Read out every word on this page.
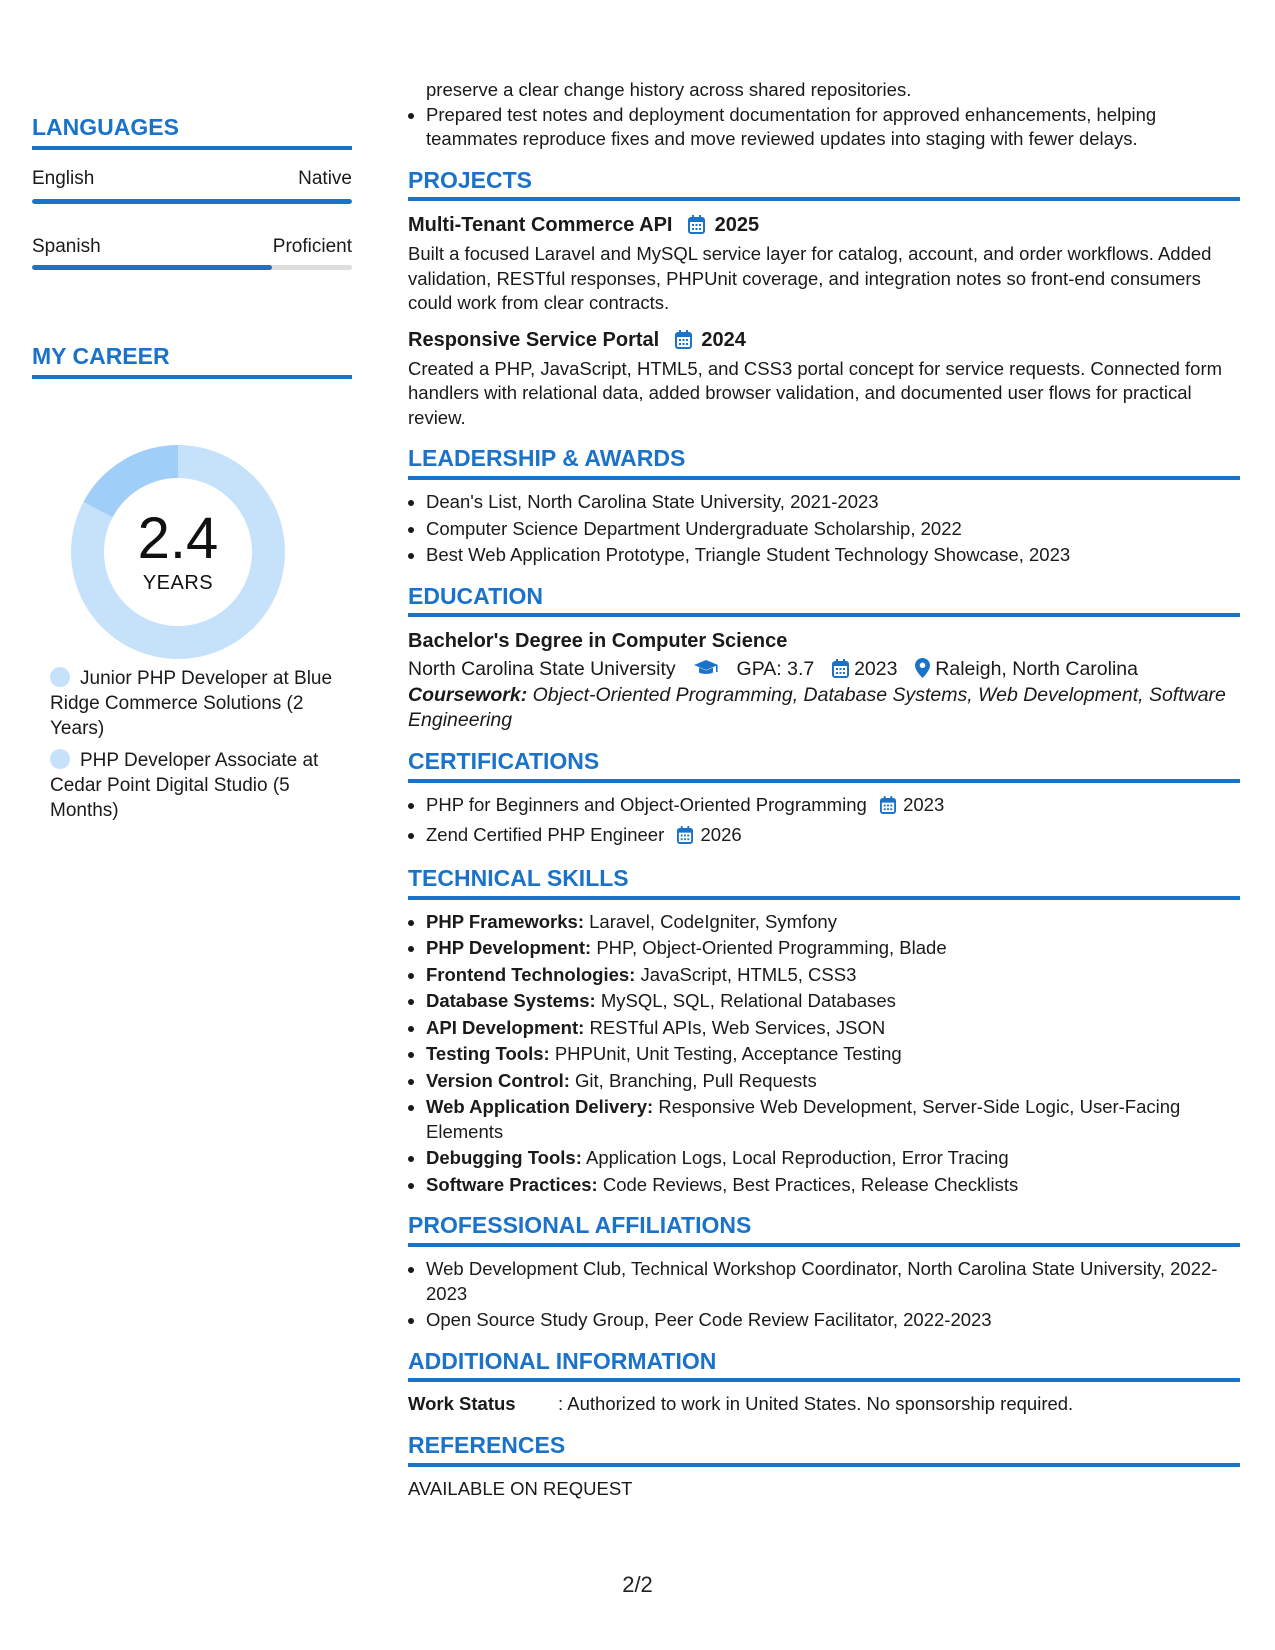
LANGUAGES
English	Native
Spanish	Proficient
MY CAREER
2.4
YEARS
Junior PHP Developer at Blue Ridge Commerce Solutions (2 Years)
PHP Developer Associate at Cedar Point Digital Studio (5 Months)
preserve a clear change history across shared repositories.
• Prepared test notes and deployment documentation for approved enhancements, helping teammates reproduce fixes and move reviewed updates into staging with fewer delays.
PROJECTS
Multi-Tenant Commerce API 2025
Built a focused Laravel and MySQL service layer for catalog, account, and order workflows. Added validation, RESTful responses, PHPUnit coverage, and integration notes so front-end consumers could work from clear contracts.
Responsive Service Portal 2024
Created a PHP, JavaScript, HTML5, and CSS3 portal concept for service requests. Connected form handlers with relational data, added browser validation, and documented user flows for practical review.
LEADERSHIP & AWARDS
• Dean's List, North Carolina State University, 2021-2023
• Computer Science Department Undergraduate Scholarship, 2022
• Best Web Application Prototype, Triangle Student Technology Showcase, 2023
EDUCATION
Bachelor's Degree in Computer Science
North Carolina State University	GPA: 3.7 2023 Raleigh, North Carolina
Coursework: Object-Oriented Programming, Database Systems, Web Development, Software Engineering
CERTIFICATIONS
• PHP for Beginners and Object-Oriented Programming 2023
• Zend Certified PHP Engineer 2026
TECHNICAL SKILLS
• PHP Frameworks: Laravel, CodeIgniter, Symfony
• PHP Development: PHP, Object-Oriented Programming, Blade
• Frontend Technologies: JavaScript, HTML5, CSS3
• Database Systems: MySQL, SQL, Relational Databases
• API Development: RESTful APIs, Web Services, JSON
• Testing Tools: PHPUnit, Unit Testing, Acceptance Testing
• Version Control: Git, Branching, Pull Requests
• Web Application Delivery: Responsive Web Development, Server-Side Logic, User-Facing Elements
• Debugging Tools: Application Logs, Local Reproduction, Error Tracing
• Software Practices: Code Reviews, Best Practices, Release Checklists
PROFESSIONAL AFFILIATIONS
• Web Development Club, Technical Workshop Coordinator, North Carolina State University, 2022-2023
• Open Source Study Group, Peer Code Review Facilitator, 2022-2023
ADDITIONAL INFORMATION
Work Status	: Authorized to work in United States. No sponsorship required.
REFERENCES
AVAILABLE ON REQUEST
2/2
